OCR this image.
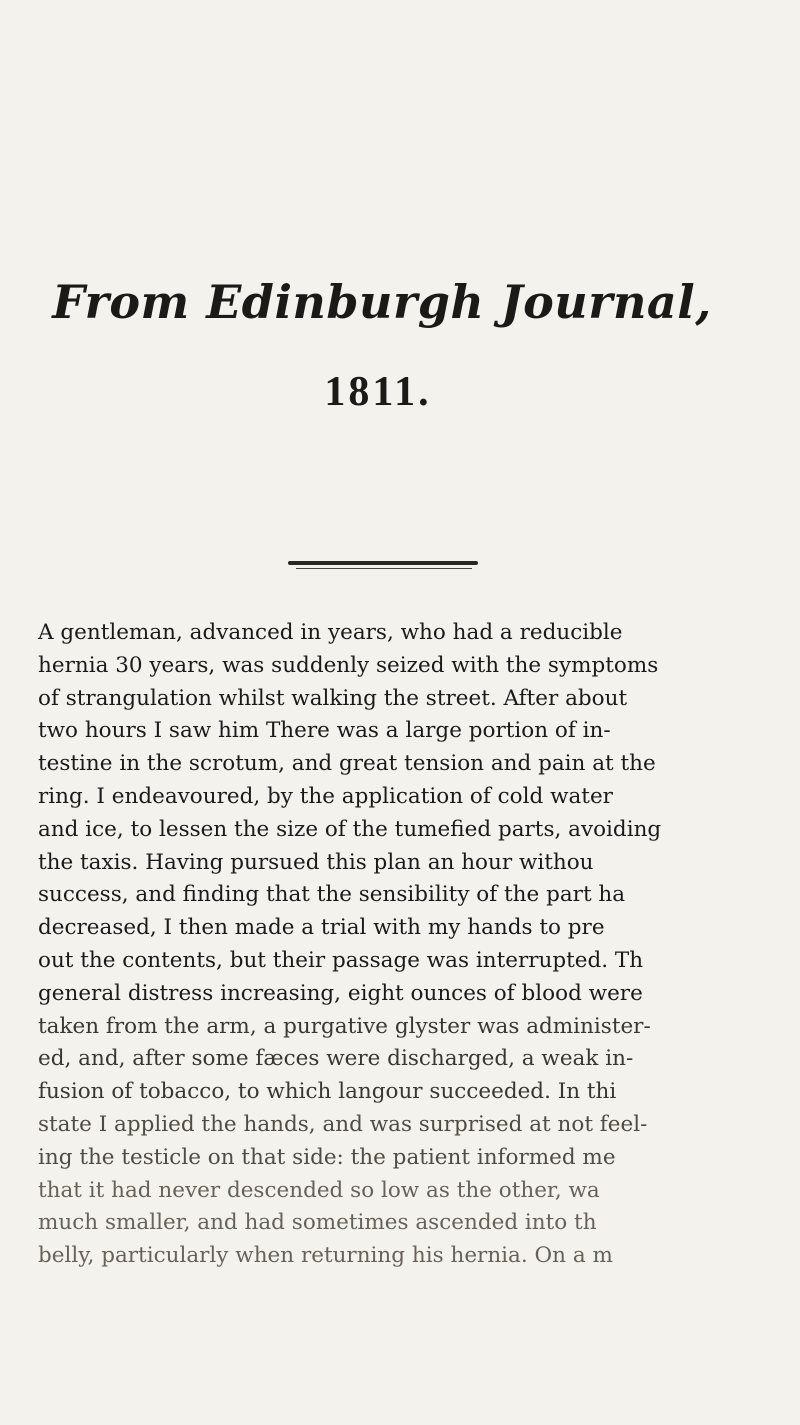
From Edinburgh Journal,
1811.
A gentleman, advanced in years, who had a reducible
hernia 30 years, was suddenly seized with the symptoms
of strangulation whilst walking the street. After about
two hours I saw him There was a large portion of in-
testine in the scrotum, and great tension and pain at the
ring. I endeavoured, by the application of cold water
and ice, to lessen the size of the tumefied parts, avoiding
the taxis. Having pursued this plan an hour withou
success, and finding that the sensibility of the part ha
decreased, I then made a trial with my hands to pre
out the contents, but their passage was interrupted. Th
general distress increasing, eight ounces of blood were
taken from the arm, a purgative glyster was administer-
ed, and, after some fæces were discharged, a weak in-
fusion of tobacco, to which langour succeeded. In thi
state I applied the hands, and was surprised at not feel-
ing the testicle on that side: the patient informed me
that it had never descended so low as the other, wa
much smaller, and had sometimes ascended into th
belly, particularly when returning his hernia. On a m
